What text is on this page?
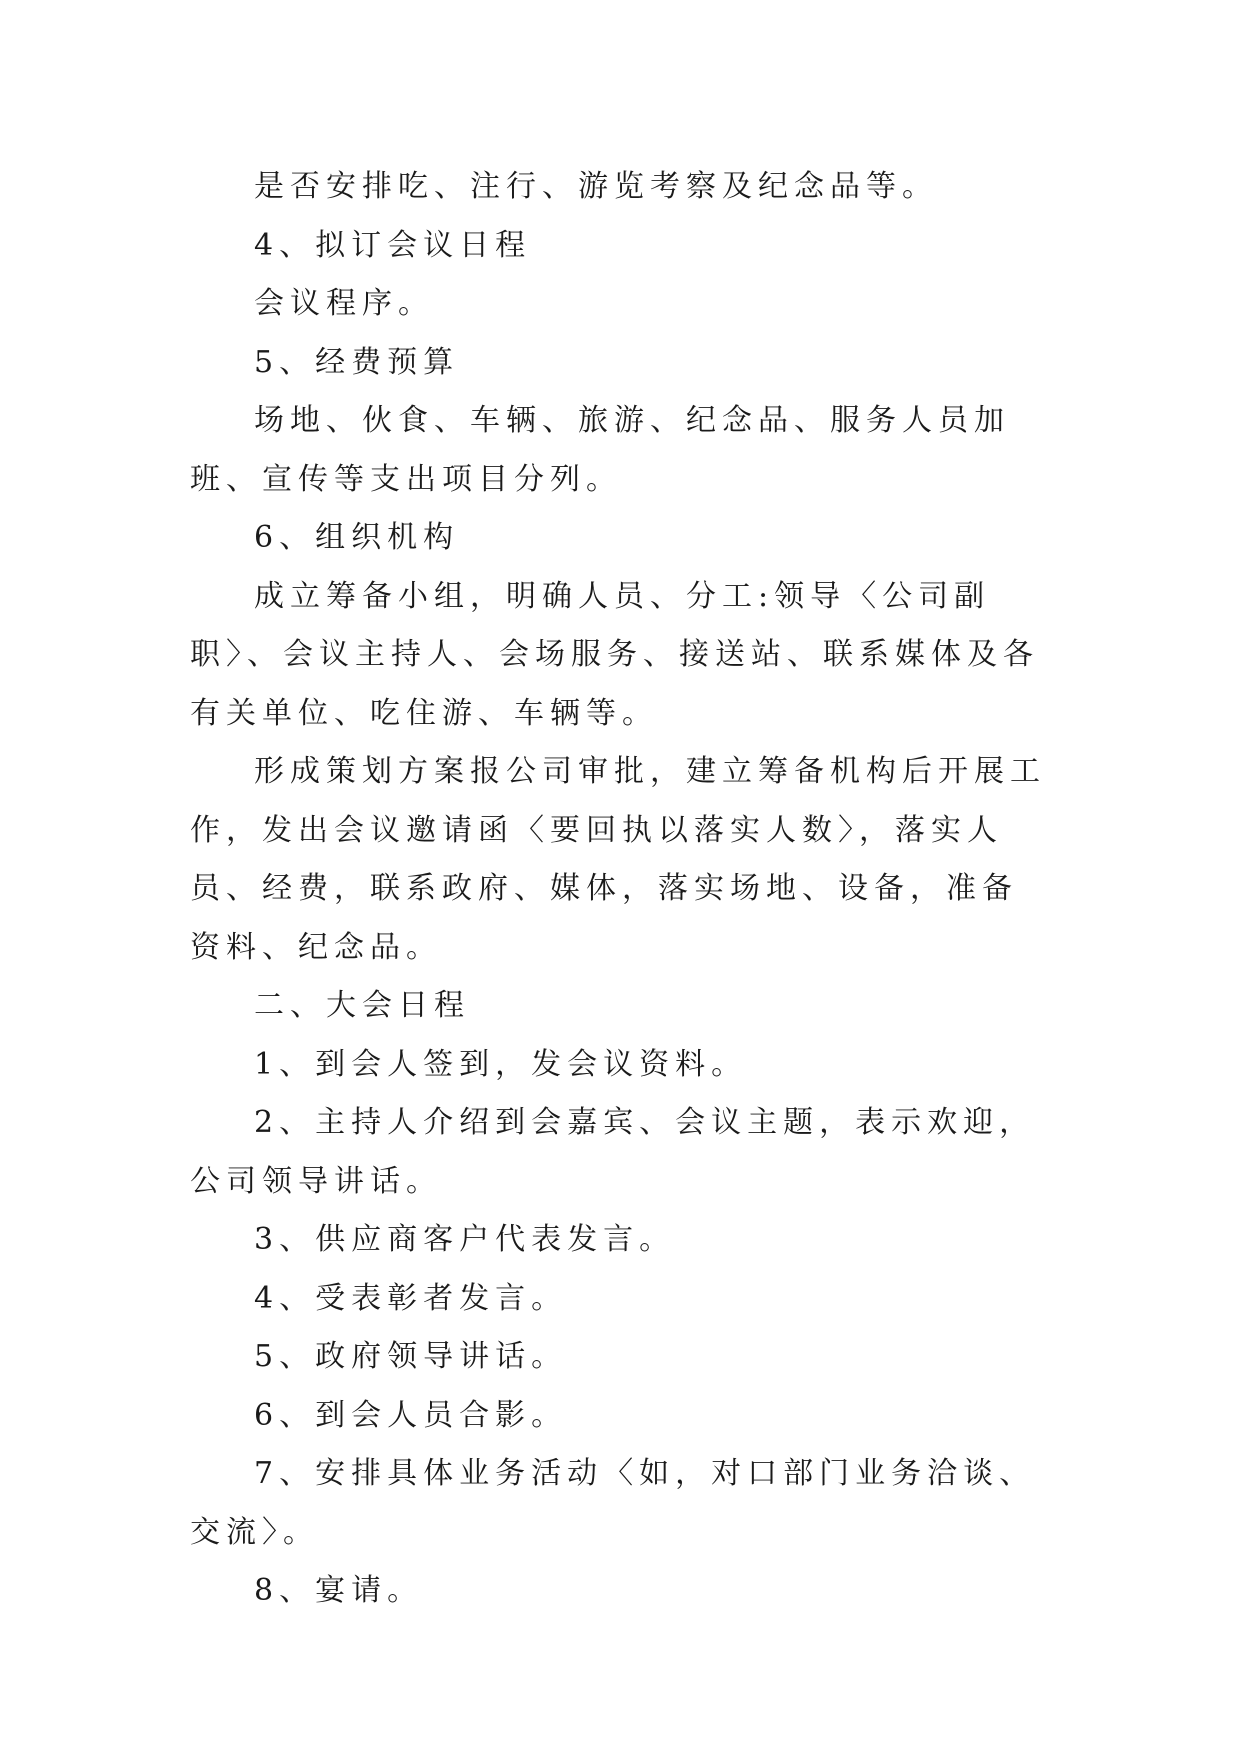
是否安排吃、注行、游览考察及纪念品等。

4、拟订会议日程

会议程序。

5、经费预算

场地、伙食、车辆、旅游、纪念品、服务人员加班、宣传等支出项目分列。

6、组织机构

成立筹备小组，明确人员、分工:领导〈公司副职〉、会议主持人、会场服务、接送站、联系媒体及各有关单位、吃住游、车辆等。

形成策划方案报公司审批，建立筹备机构后开展工作，发出会议邀请函〈要回执以落实人数〉，落实人员、经费，联系政府、媒体，落实场地、设备，准备资料、纪念品。

二、大会日程

1、到会人签到，发会议资料。

2、主持人介绍到会嘉宾、会议主题，表示欢迎，公司领导讲话。

3、供应商客户代表发言。

4、受表彰者发言。

5、政府领导讲话。

6、到会人员合影。

7、安排具体业务活动〈如，对口部门业务洽谈、交流〉。

8、宴请。
